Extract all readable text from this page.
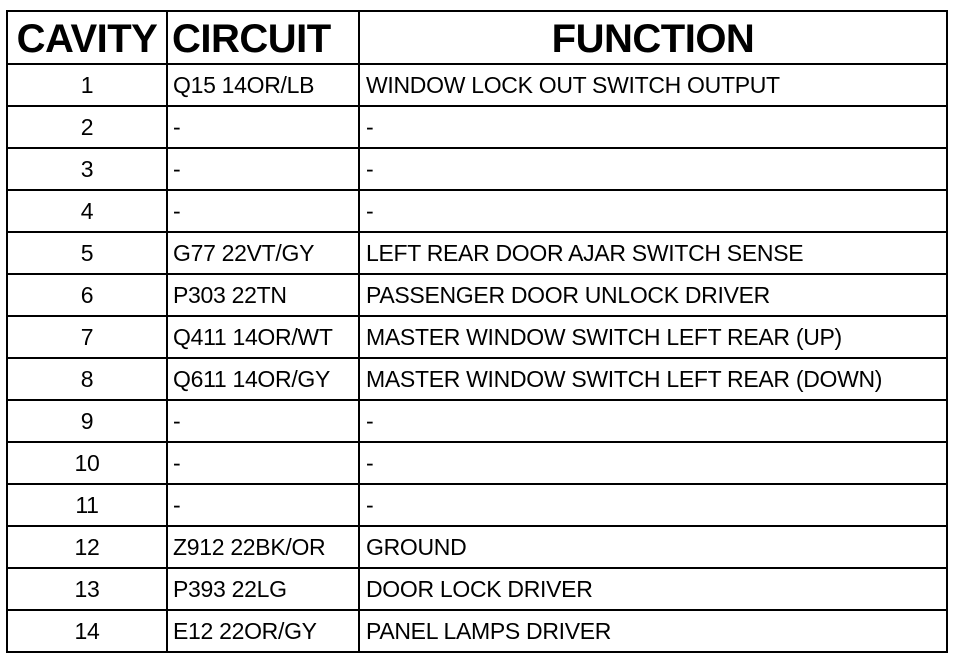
CAVITY	CIRCUIT	FUNCTION
1	Q15 14OR/LB	WINDOW LOCK OUT SWITCH OUTPUT
2	-	-
3	-	-
4	-	-
5	G77 22VT/GY	LEFT REAR DOOR AJAR SWITCH SENSE
6	P303 22TN	PASSENGER DOOR UNLOCK DRIVER
7	Q411 14OR/WT	MASTER WINDOW SWITCH LEFT REAR (UP)
8	Q611 14OR/GY	MASTER WINDOW SWITCH LEFT REAR (DOWN)
9	-	-
10	-	-
11	-	-
12	Z912 22BK/OR	GROUND
13	P393 22LG	DOOR LOCK DRIVER
14	E12 22OR/GY	PANEL LAMPS DRIVER
